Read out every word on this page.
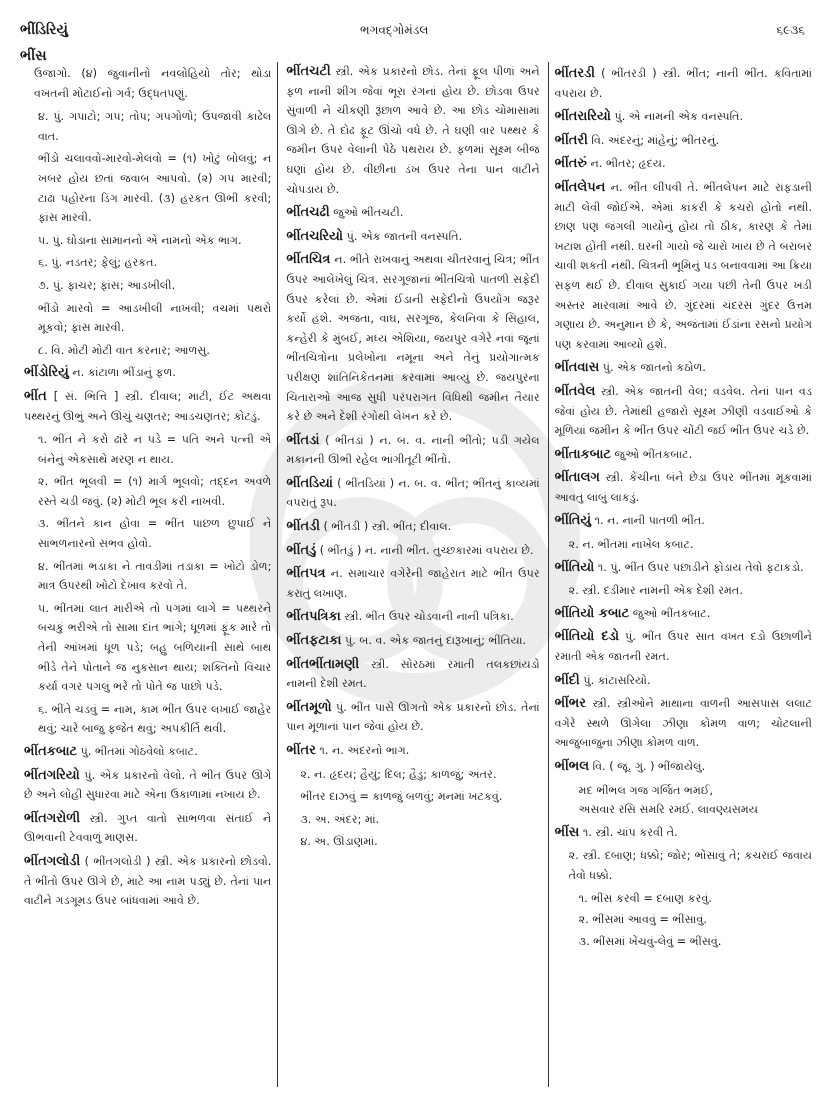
ભીંડિરિયું
ભીંસ
ભગવદ્ગોમંડલ	૬૯૩૬

ઉજાગો. (૪) જુવાનીનો નવલોહિયો તોર; થોડા વખતની મોટાઈનો ગર્વ; ઉદ્ધતપણું.

૪. પું. ગપાટો; ગપ; તોપ; ગપગોળો; ઉપજાવી કાઢેલ વાત.

ભીંડો ચલાવવો-મારવો-મેલવો = (૧) ખોટું બોલવું; ન ખબર હોય છતાં જવાબ આપવો. (૨) ગપ મારવી; ટાઢા પહોરના ડિંગ મારવી. (૩) હરકત ઊભી કરવી; ફાંસ મારવી.

૫. પું. ઘોડાના સામાનનો એ નામનો એક ભાગ.

૬. પું. નડતર; ફેલું; હરકત.

૭. પું. ફાચર; ફાંસ; આડખીલી.

ભીંડો મારવો = આડખીલી નાખવી; વચમાં પથરો મૂકવો; ફાંસ મારવી.

૮. વિ. મોટી મોટી વાત કરનાર; આળસુ.

ભીંડોરિયું ન. કાંટાળા ભીંડાનું ફળ.

ભીંત [ સં. ભિત્તિ ] સ્ત્રી. દીવાલ; માટી, ઈંટ અથવા પથ્થરનું ઊભું અને ઊંચું ચણતર; આડચણતર; કોટડું.

૧. ભીંત ને કરો ઢાંરે ન પડે = પતિ અને પત્ની એ બંનેનું એકસાથે મરણ ન થાય.

૨. ભીંત ભૂલવી = (૧) માર્ગ ભૂલવો; તદ્દન અવળે રસ્તે ચડી જવું. (૨) મોટી ભૂલ કરી નાખવી.

૩. ભીંતને કાન હોવા = ભીંત પાછળ છુપાઈ ને સાંભળનારનો સંભવ હોવો.

૪. ભીંતમાં ભડાકા ને તાવડીમાં તડાકા = ખોટો ડોળ; માત્ર ઉપરથી ખોટો દેખાવ કરવો તે.

૫. ભીંતમાં લાત મારીએ તો પગમાં લાગે = પથ્થરને બચકું ભરીએ તો સામા દાંત ભાંગે; ધૂળમાં ફૂંક મારે તો તેની આંખમાં ધૂળ પડે; બહુ બળિયાની સાથે બાથ ભીડે તેને પોતાને જ નુકસાન થાય; શક્તિનો વિચાર કર્યા વગર પગલું ભરે તો પોતે જ પાછો પડે.

૬. ભીંતે ચડવું = નામ, કામ ભીંત ઉપર લખાઈ જાહેર થવું; ચારે બાજુ ફજેત થવું; અપકીર્તિ થવી.

ભીંતકબાટ પું. ભીંતમાં ગોઠવેલો કબાટ.

ભીંતગરિયો પું. એક પ્રકારનો વેલો. તે ભીંત ઉપર ઊગે છે અને લોહી સુધારવા માટે એના ઉકાળામાં નખાય છે.

ભીંતગરોળી સ્ત્રી. ગુપ્ત વાતો સાંભળવા સંતાઈ ને ઊભવાની ટેવવાળું માણસ.

ભીંતગલોડી ( ભીંતગલોડી ) સ્ત્રી. એક પ્રકારનો છોડવો. તે ભીંતો ઉપર ઊગે છે, માટે આ નામ પડ્યું છે. તેનાં પાન વાટીને ગડગૂમડ ઉપર બાંધવામાં આવે છે.

ભીંતચટી સ્ત્રી. એક પ્રકારનો છોડ. તેનાં ફૂલ પીળાં અને ફળ નાની શીંગ જેવાં ભૂરા રંગનાં હોય છે. છોડવા ઉપર સુંવાળી ને ચીકણી રૂંછાળ આવે છે. આ છોડ ચોમાસામાં ઊગે છે. તે દોઢ ફૂટ ઊંચો વધે છે. તે ઘણી વાર પથ્થર કે જમીન ઉપર વેલાની પેઠે પથરાય છે. ફળમાં સૂક્ષ્મ બીજ ઘણાં હોય છે. વીંછીના ડંખ ઉપર તેના પાન વાટીને ચોપડાય છે.

ભીંતચઢી જુઓ ભીંતચટી.

ભીંતચરિયો પું. એક જાતની વનસ્પતિ.

ભીંતચિત્ર ન. ભીંતે રાખવાનું અથવા ચીતરવાનું ચિત્ર; ભીંત ઉપર આલેખેલું ચિત્ર. સરગૂજાનાં ભીંતચિત્રો પાતળી સફેદી ઉપર કરેલાં છે. એમાં ઈંડાની સફેદીનો ઉપયોગ જરૂર કર્યો હશે. અજંતા, વાઘ, સરગૂજ, કેલનિવા કે સિહાલ, કન્હેરી કે મુંબઈ, મધ્ય એશિયા, જયપુર વગેરે નવાં જૂનાં ભીંતચિત્રોના પ્રલેખોના નમૂના અને તેનું પ્રયોગાત્મક પરીક્ષણ શાંતિનિકેતનમાં કરવામાં આવ્યું છે. જયપુરના ચિતારાઓ આજ સુધી પરંપરાગત વિધિથી જમીન તૈયાર કરે છે અને દેશી રંગોથી લેખન કરે છે.

ભીંતડાં ( ભીંતડાં ) ન. બ. વ. નાની ભીંતો; પડી ગયેલ મકાનની ઊભી રહેલ ભાંગીતૂટી ભીંતો.

ભીંતડિયાં ( ભીંતડિયાં ) ન. બ. વ. ભીંત; ભીંતનું કાવ્યમાં વપરાતું રૂપ.

ભીંતડી ( ભીંતડી ) સ્ત્રી. ભીંત; દીવાલ.

ભીંતડું ( ભીંતડું ) ન. નાની ભીંત. તુચ્છકારમાં વપરાય છે.

ભીંતપત્ર ન. સમાચાર વગેરેની જાહેરાત માટે ભીંત ઉપર કરાતું લખાણ.

ભીંતપત્રિકા સ્ત્રી. ભીંત ઉપર ચોડવાની નાની પત્રિકા.

ભીંતફટાકા પું. બ. વ. એક જાતનું દારૂખાનું; ભીંતિયા.

ભીંતભીંતામણી સ્ત્રી. સોરઠમાં રમાતી તલકછાંયડો નામની દેશી રમત.

ભીંતમૂળો પું. ભીંત પાસે ઊગતો એક પ્રકારનો છોડ. તેનાં પાન મૂળાનાં પાન જેવાં હોય છે.

ભીંતર ૧. ન. અંદરનો ભાગ.

૨. ન. હૃદય; હૈયું; દિલ; હૈડું; કાળજું; અંતર.

ભીંતર દાઝવું = કાળજું બળવું; મનમાં ખટકવું.

૩. અ. અંદર; માં.

૪. અ. ઊંડાણમાં.

ભીંતરડી ( ભીંતરડી ) સ્ત્રી. ભીંત; નાની ભીંત. કવિતામાં વપરાય છે.

ભીંતરારિયો પું. એ નામની એક વનસ્પતિ.

ભીંતરી વિ. અંદરનું; માંહેનું; ભીતરનું.

ભીંતરું ન. ભીતર; હૃદય.

ભીંતલેપન ન. ભીંત લીંપવી તે. ભીંતલેપન માટે રાફડાની માટી લેવી જોઈએ. એમાં કાંકરી કે કચરો હોતો નથી. છાણ પણ જંગલી ગાયોનું હોય તો ઠીક, કારણ કે તેમાં ખટાશ હોતી નથી. ઘરની ગાયો જે ચારો ખાય છે તે બરાબર ચાવી શકતી નથી. ચિત્રની ભૂમિનું પડ બનાવવામાં આ ક્રિયા સફળ થઈ છે. દીવાલ સુકાઈ ગયા પછી તેની ઉપર ખડી અસ્તર મારવામાં આવે છે. ગુંદરમાં ચંદરસ ગુંદર ઉત્તમ ગણાય છે. અનુમાન છે કે, અજંતામાં ઈંડાંના રસનો પ્રયોગ પણ કરવામાં આવ્યો હશે.

ભીંતવાસ પું. એક જાતનો કઠોળ.

ભીંતવેલ સ્ત્રી. એક જાતની વેલ; વડવેલ. તેનાં પાન વડ જેવાં હોય છે. તેમાંથી હજારો સૂક્ષ્મ ઝીણી વડવાઈઓ કે મૂળિયાં જમીન કે ભીંત ઉપર ચોંટી જઈ ભીંત ઉપર ચડે છે.

ભીંતાકબાટ જુઓ ભીંતકબાટ.

ભીંતાલગ સ્ત્રી. કેંચીના બંને છેડા ઉપર ભીંતમાં મૂકવામાં આવતું લાંબું લાકડું.

ભીંતિયું ૧. ન. નાની પાતળી ભીંત.

૨. ન. ભીંતમાં નાખેલ કબાટ.

ભીંતિયો ૧. પું. ભીંત ઉપર પછાડીને ફોડાય તેવો ફટાકડો.

૨. સ્ત્રી. દડીમાર નામની એક દેશી રમત.

ભીંતિયો કબાટ જુઓ ભીંતકબાટ.

ભીંતિયો દડો પું. ભીંત ઉપર સાત વખત દડો ઉછાળીને રમાતી એક જાતની રમત.

ભીંદી પું. કાંટાસરિયો.

ભીંભર સ્ત્રી. સ્ત્રીઓને માથાના વાળની આસપાસ લલાટ વગેરે સ્થળે ઊગેલા ઝીણા કોમળ વાળ; ચોટલાની આજુબાજુના ઝીણા કોમળ વાળ.

ભીંભલ વિ. ( જૂ. ગુ. ) ભીંજાયેલું.

મદ ભીંભલ ગજ ગર્જિત ભમઈ,
અસવાર રસિ સમરિ રમઈ. લાવણ્યસમય

ભીંસ ૧. સ્ત્રી. ચાંપ કરવી તે.

૨. સ્ત્રી. દબાણ; ધક્કો; જોર; ભોંસાવું તે; કચરાઈ જવાય તેવો ધક્કો.

૧. ભીંસ કરવી = દબાણ કરવું.

૨. ભીંસમાં આવવું = ભીંસાવું.

૩. ભીંસમાં ખેંચવું-લેવું = ભીંસવું.
